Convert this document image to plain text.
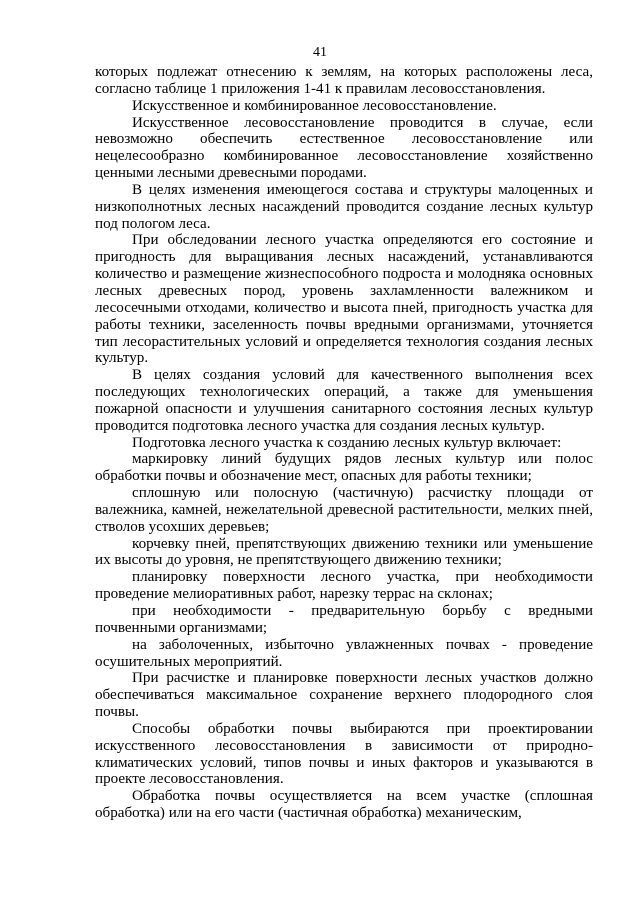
41

которых подлежат отнесению к землям, на которых расположены леса, согласно таблице 1 приложения 1-41 к правилам лесовосстановления.

Искусственное и комбинированное лесовосстановление.

Искусственное лесовосстановление проводится в случае, если невозможно обеспечить естественное лесовосстановление или нецелесообразно комбинированное лесовосстановление хозяйственно ценными лесными древесными породами.

В целях изменения имеющегося состава и структуры малоценных и низкополнотных лесных насаждений проводится создание лесных культур под пологом леса.

При обследовании лесного участка определяются его состояние и пригодность для выращивания лесных насаждений, устанавливаются количество и размещение жизнеспособного подроста и молодняка основных лесных древесных пород, уровень захламленности валежником и лесосечными отходами, количество и высота пней, пригодность участка для работы техники, заселенность почвы вредными организмами, уточняется тип лесорастительных условий и определяется технология создания лесных культур.

В целях создания условий для качественного выполнения всех последующих технологических операций, а также для уменьшения пожарной опасности и улучшения санитарного состояния лесных культур проводится подготовка лесного участка для создания лесных культур.

Подготовка лесного участка к созданию лесных культур включает:

маркировку линий будущих рядов лесных культур или полос обработки почвы и обозначение мест, опасных для работы техники;

сплошную или полосную (частичную) расчистку площади от валежника, камней, нежелательной древесной растительности, мелких пней, стволов усохших деревьев;

корчевку пней, препятствующих движению техники или уменьшение их высоты до уровня, не препятствующего движению техники;

планировку поверхности лесного участка, при необходимости проведение мелиоративных работ, нарезку террас на склонах;

при необходимости - предварительную борьбу с вредными почвенными организмами;

на заболоченных, избыточно увлажненных почвах - проведение осушительных мероприятий.

При расчистке и планировке поверхности лесных участков должно обеспечиваться максимальное сохранение верхнего плодородного слоя почвы.

Способы обработки почвы выбираются при проектировании искусственного лесовосстановления в зависимости от природно-климатических условий, типов почвы и иных факторов и указываются в проекте лесовосстановления.

Обработка почвы осуществляется на всем участке (сплошная обработка) или на его части (частичная обработка) механическим,
